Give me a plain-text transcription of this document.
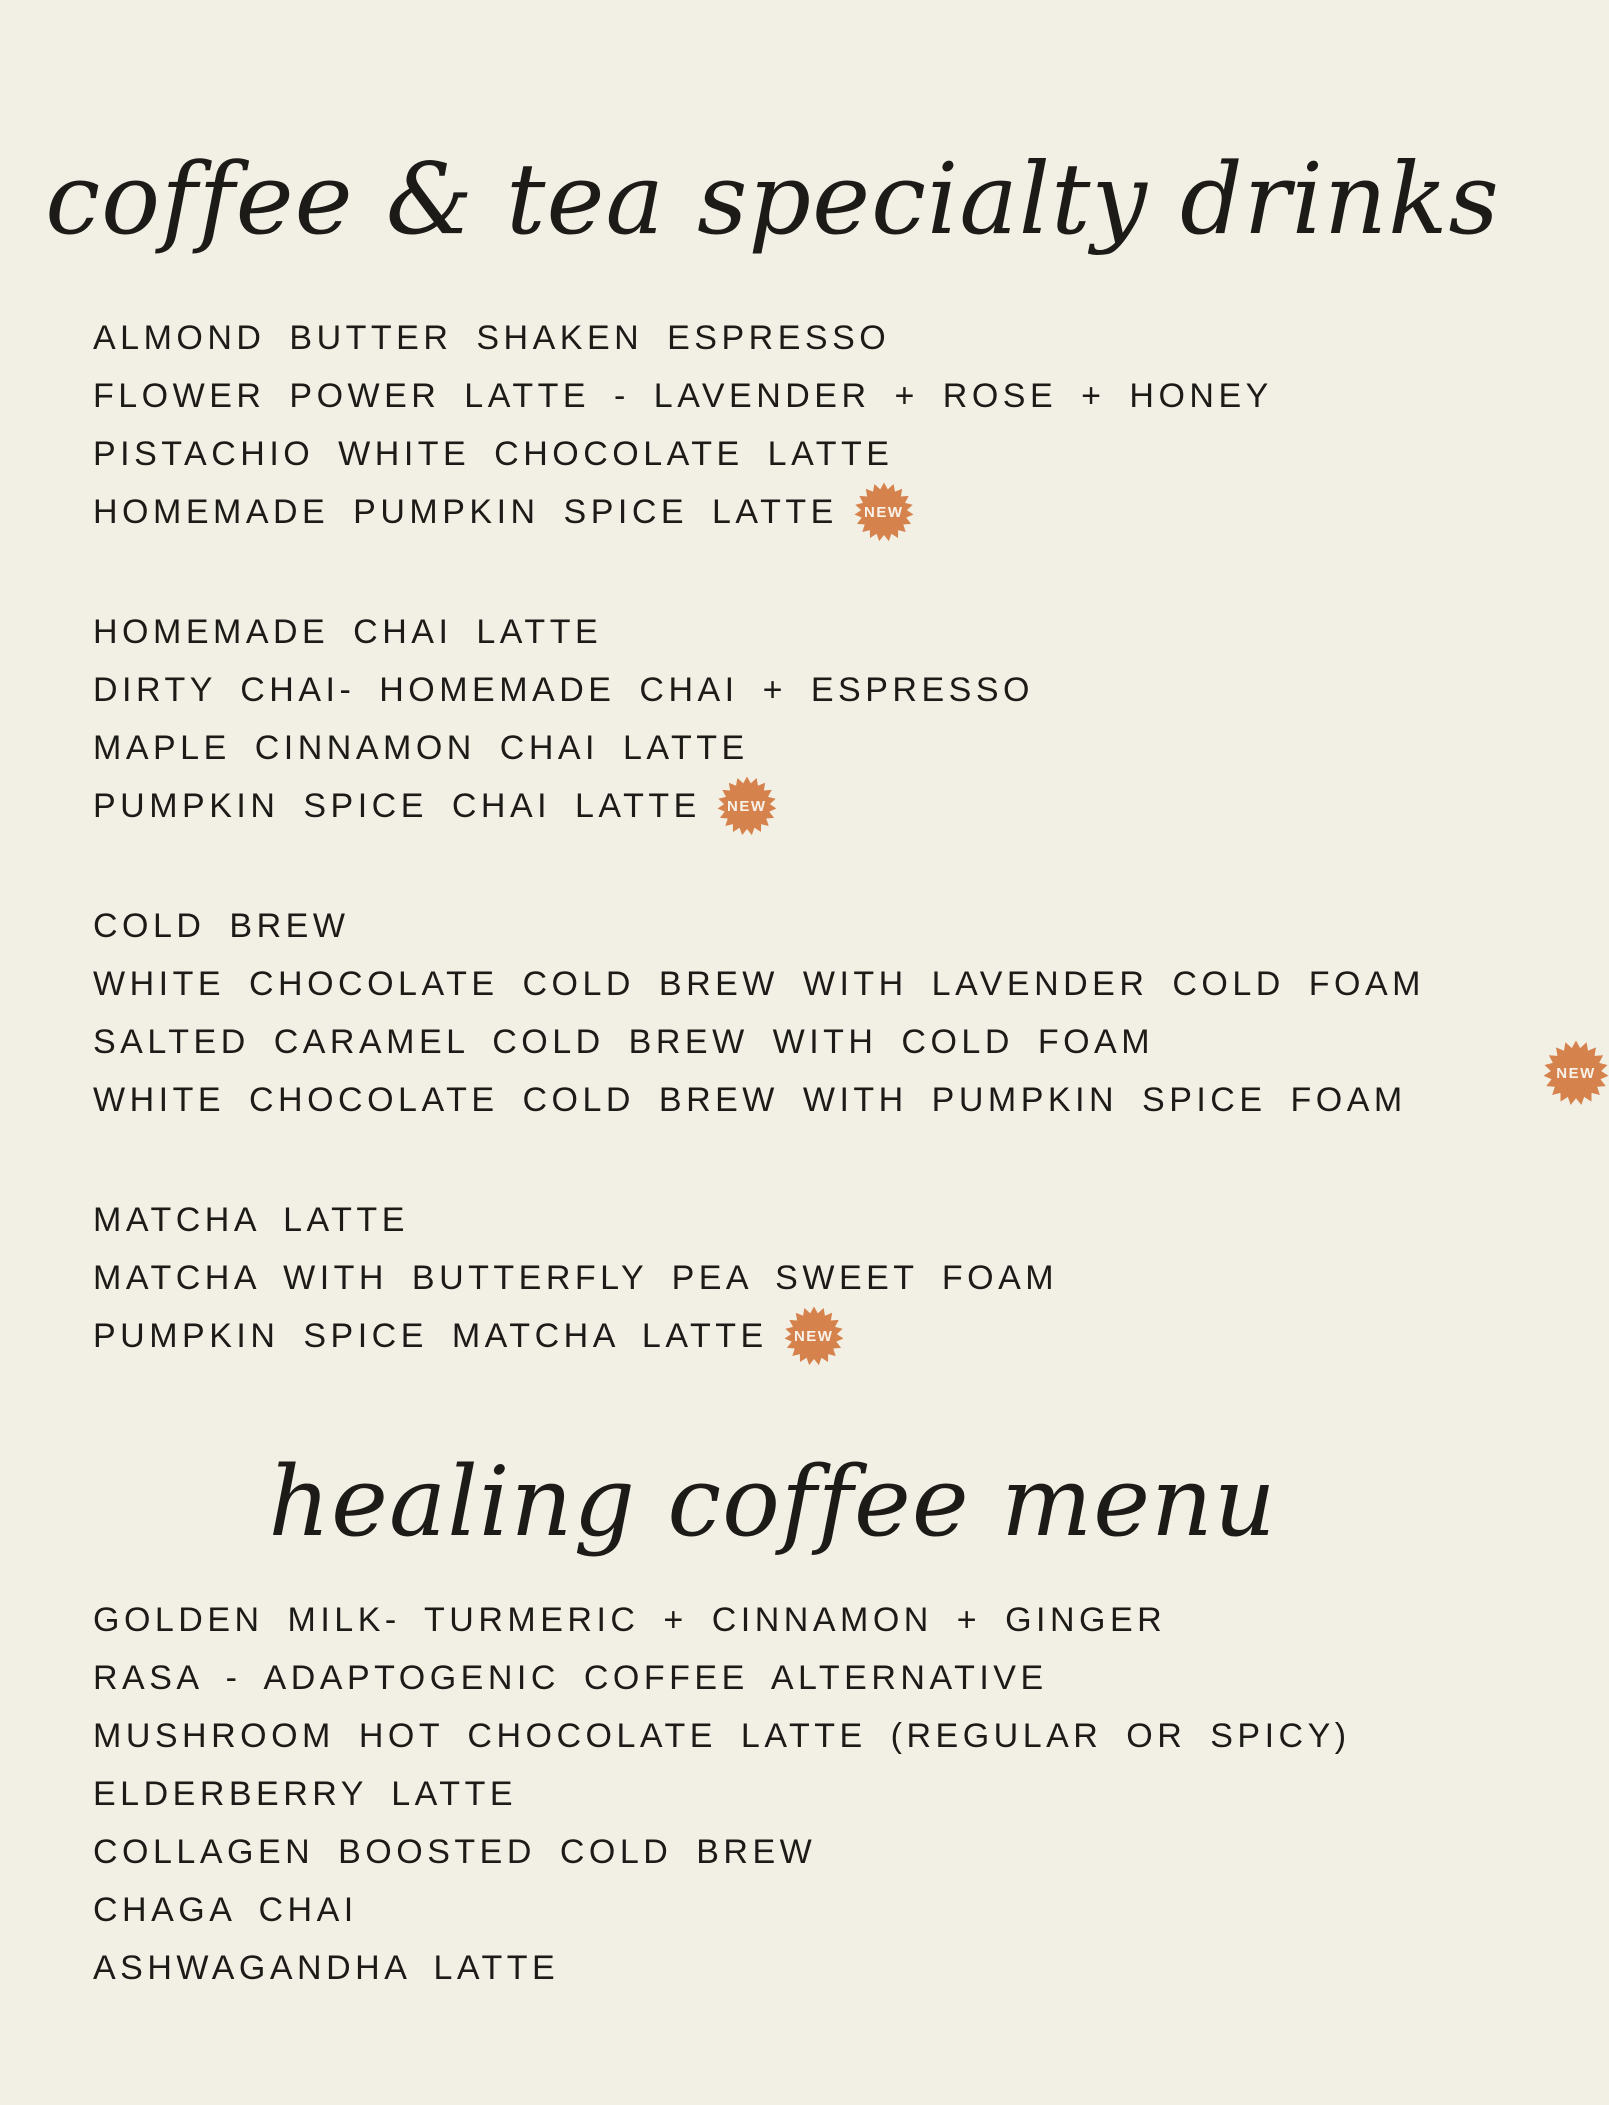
coffee & tea specialty drinks
ALMOND BUTTER SHAKEN ESPRESSO
FLOWER POWER LATTE - LAVENDER + ROSE + HONEY
PISTACHIO WHITE CHOCOLATE LATTE
HOMEMADE PUMPKIN SPICE LATTE NEW
HOMEMADE CHAI LATTE
DIRTY CHAI- HOMEMADE CHAI + ESPRESSO
MAPLE CINNAMON CHAI LATTE
PUMPKIN SPICE CHAI LATTE NEW
COLD BREW
WHITE CHOCOLATE COLD BREW WITH LAVENDER COLD FOAM
SALTED CARAMEL COLD BREW WITH COLD FOAM
WHITE CHOCOLATE COLD BREW WITH PUMPKIN SPICE FOAM
NEW
MATCHA LATTE
MATCHA WITH BUTTERFLY PEA SWEET FOAM
PUMPKIN SPICE MATCHA LATTE NEW
healing coffee menu
GOLDEN MILK- TURMERIC + CINNAMON + GINGER
RASA - ADAPTOGENIC COFFEE ALTERNATIVE
MUSHROOM HOT CHOCOLATE LATTE (REGULAR OR SPICY)
ELDERBERRY LATTE
COLLAGEN BOOSTED COLD BREW
CHAGA CHAI
ASHWAGANDHA LATTE
